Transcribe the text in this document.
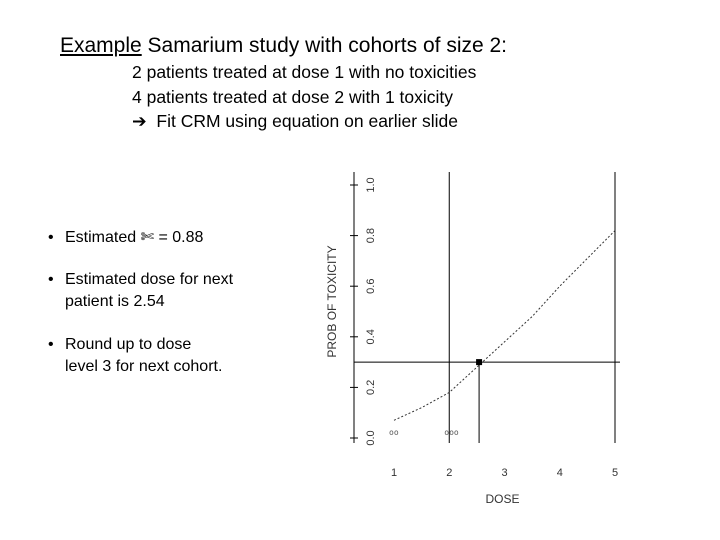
Example Samarium study with cohorts of size 2:
2 patients treated at dose 1 with no toxicities
4 patients treated at dose 2 with 1 toxicity
➔ Fit CRM using equation on earlier slide
• Estimated ✄ = 0.88
• Estimated dose for next
patient is 2.54
• Round up to dose
level 3 for next cohort.
0.0
0.2
0.4
0.6
0.8
1.0
1	2	3	4	5
oo	ooo
DOSE
PROB OF TOXICITY
